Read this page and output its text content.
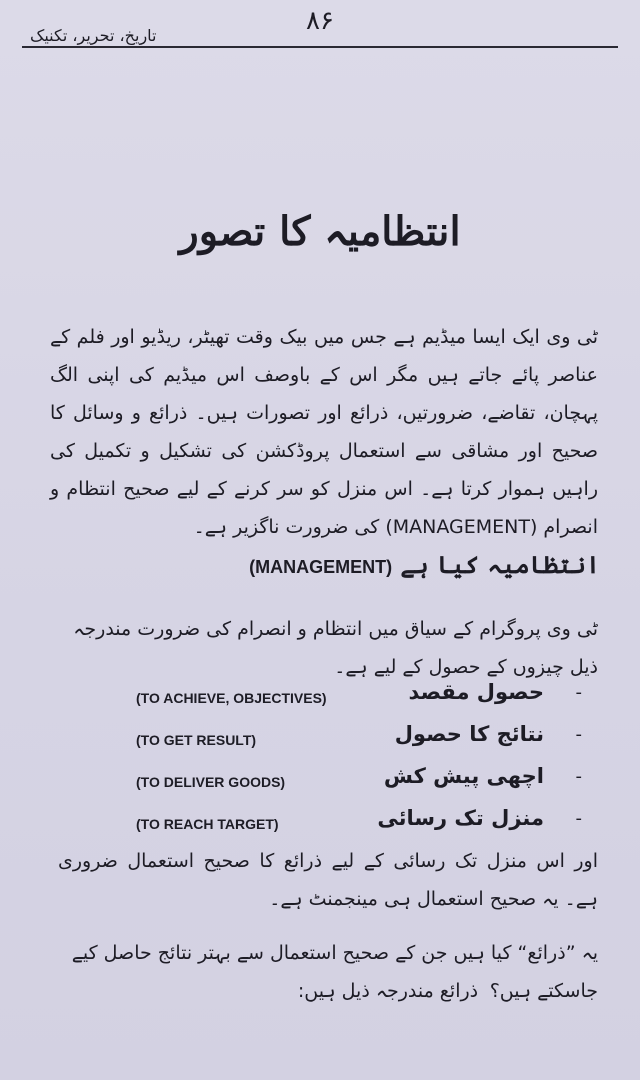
۸۶
تاریخ، تحریر، تکنیک
انتظامیہ کا تصور

ٹی وی ایک ایسا میڈیم ہے جس میں بیک وقت تھیٹر، ریڈیو اور فلم کے عناصر پائے جاتے ہیں مگر اس کے باوصف اس میڈیم کی اپنی الگ پہچان، تقاضے، ضرورتیں، ذرائع اور تصورات ہیں۔ ذرائع و وسائل کا صحیح اور مشاقی سے استعمال پروڈکشن کی تشکیل و تکمیل کی راہیں ہموار کرتا ہے۔ اس منزل کو سر کرنے کے لیے صحیح انتظام و انصرام (MANAGEMENT) کی ضرورت ناگزیر ہے۔

انتظامیہ کیا ہے (MANAGEMENT)

ٹی وی پروگرام کے سیاق میں انتظام و انصرام کی ضرورت مندرجہ ذیل چیزوں کے حصول کے لیے ہے۔

-
حصول مقصد
(TO ACHIEVE, OBJECTIVES)
-
نتائج کا حصول
(TO GET RESULT)
-
اچھی پیش کش
(TO DELIVER GOODS)
-
منزل تک رسائی
(TO REACH TARGET)

اور اس منزل تک رسائی کے لیے ذرائع کا صحیح استعمال ضروری ہے۔ یہ صحیح استعمال ہی مینجمنٹ ہے۔

یہ ”ذرائع“ کیا ہیں جن کے صحیح استعمال سے بہتر نتائج حاصل کیے جاسکتے ہیں؟

ذرائع مندرجہ ذیل ہیں:
